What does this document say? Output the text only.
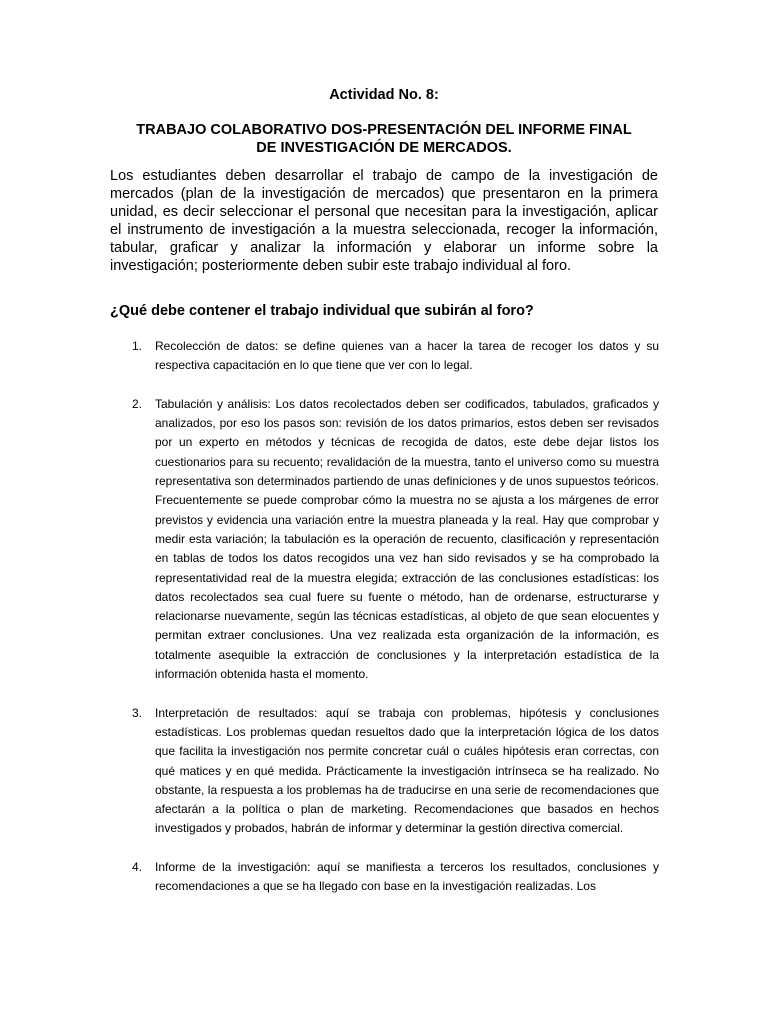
Actividad No. 8:
TRABAJO COLABORATIVO DOS-PRESENTACIÓN DEL INFORME FINAL
DE INVESTIGACIÓN DE MERCADOS.

Los estudiantes deben desarrollar el trabajo de campo de la investigación de mercados (plan de la investigación de mercados) que presentaron en la primera unidad, es decir seleccionar el personal que necesitan para la investigación, aplicar el instrumento de investigación a la muestra seleccionada, recoger la información, tabular, graficar y analizar la información y elaborar un informe sobre la investigación; posteriormente deben subir este trabajo individual al foro.

¿Qué debe contener el trabajo individual que subirán al foro?
1. Recolección de datos: se define quienes van a hacer la tarea de recoger los datos y su respectiva capacitación en lo que tiene que ver con lo legal.
2. Tabulación y análisis: Los datos recolectados deben ser codificados, tabulados, graficados y analizados, por eso los pasos son: revisión de los datos primarios, estos deben ser revisados por un experto en métodos y técnicas de recogida de datos, este debe dejar listos los cuestionarios para su recuento; revalidación de la muestra, tanto el universo como su muestra representativa son determinados partiendo de unas definiciones y de unos supuestos teóricos. Frecuentemente se puede comprobar cómo la muestra no se ajusta a los márgenes de error previstos y evidencia una variación entre la muestra planeada y la real. Hay que comprobar y medir esta variación; la tabulación es la operación de recuento, clasificación y representación en tablas de todos los datos recogidos una vez han sido revisados y se ha comprobado la representatividad real de la muestra elegida; extracción de las conclusiones estadísticas: los datos recolectados sea cual fuere su fuente o método, han de ordenarse, estructurarse y relacionarse nuevamente, según las técnicas estadísticas, al objeto de que sean elocuentes y permitan extraer conclusiones. Una vez realizada esta organización de la información, es totalmente asequible la extracción de conclusiones y la interpretación estadística de la información obtenida hasta el momento.
3. Interpretación de resultados: aquí se trabaja con problemas, hipótesis y conclusiones estadísticas. Los problemas quedan resueltos dado que la interpretación lógica de los datos que facilita la investigación nos permite concretar cuál o cuáles hipótesis eran correctas, con qué matices y en qué medida. Prácticamente la investigación intrínseca se ha realizado. No obstante, la respuesta a los problemas ha de traducirse en una serie de recomendaciones que afectarán a la política o plan de marketing. Recomendaciones que basados en hechos investigados y probados, habrán de informar y determinar la gestión directiva comercial.
4. Informe de la investigación: aquí se manifiesta a terceros los resultados, conclusiones y recomendaciones a que se ha llegado con base en la investigación realizadas. Los
